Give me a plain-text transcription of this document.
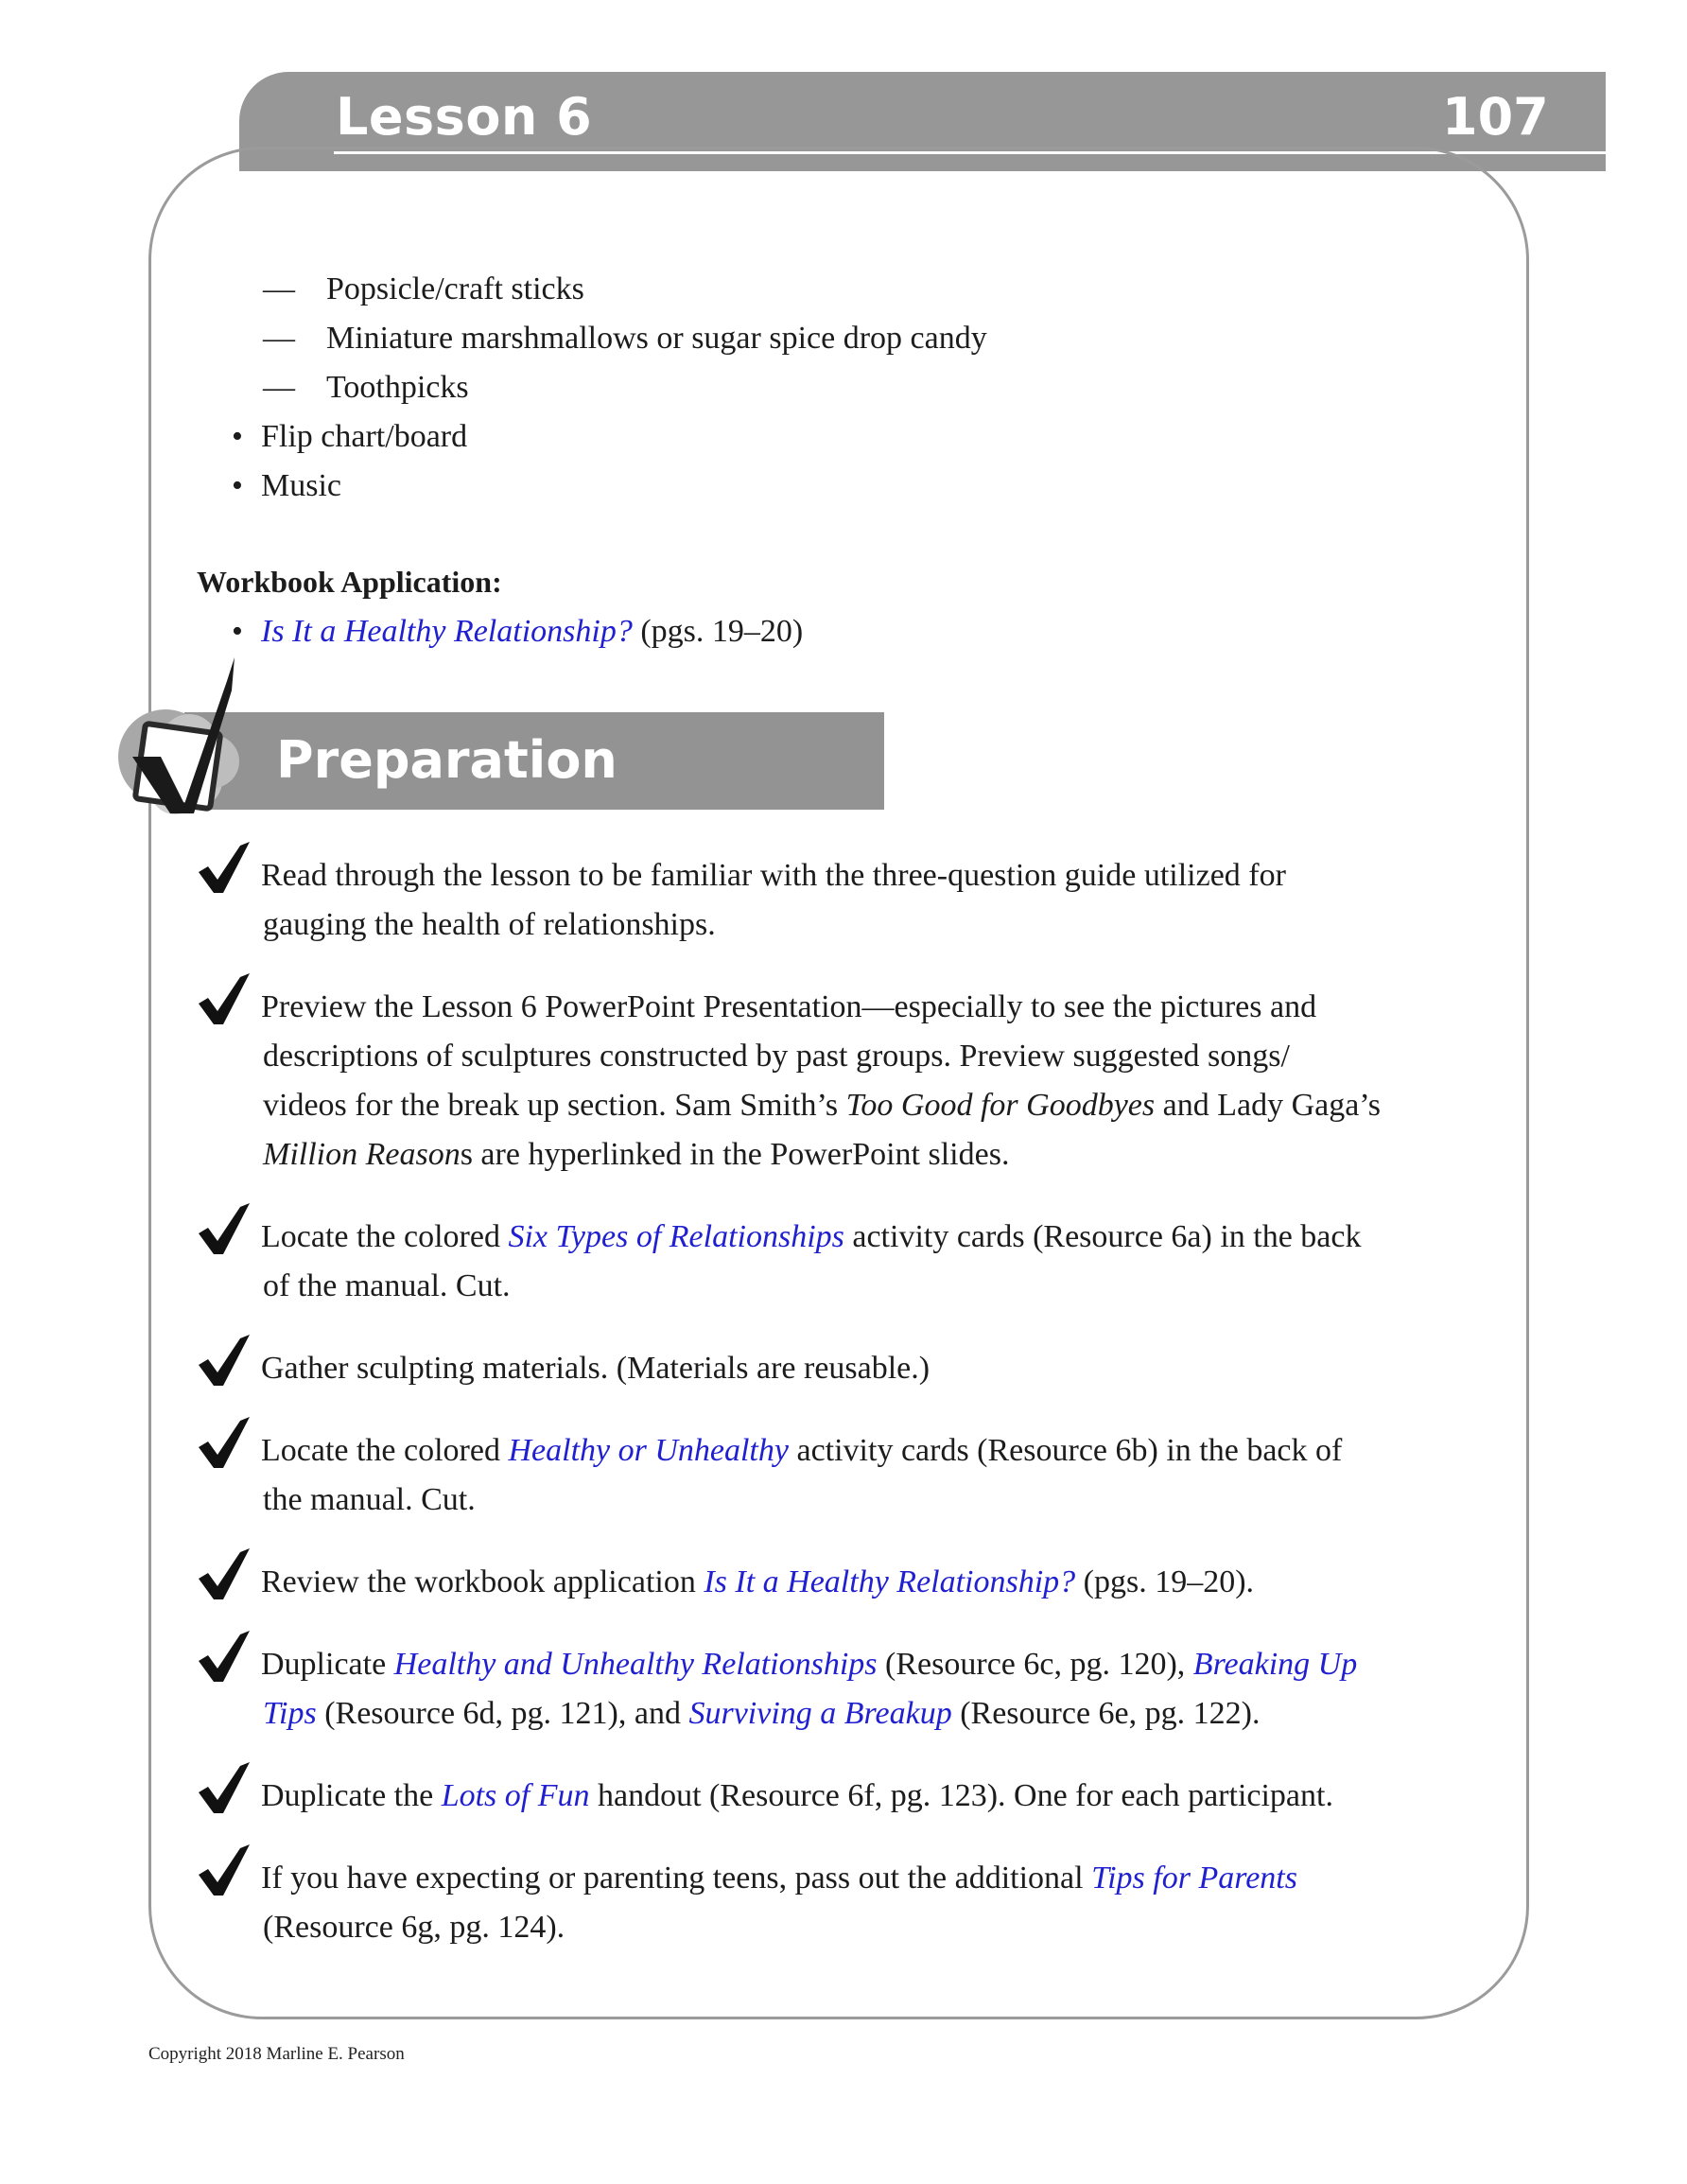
Lesson 6	107
— Popsicle/craft sticks
— Miniature marshmallows or sugar spice drop candy
— Toothpicks
• Flip chart/board
• Music
Workbook Application:
• Is It a Healthy Relationship? (pgs. 19–20)
Preparation
Read through the lesson to be familiar with the three-question guide utilized for
gauging the health of relationships.
Preview the Lesson 6 PowerPoint Presentation—especially to see the pictures and
descriptions of sculptures constructed by past groups. Preview suggested songs/
videos for the break up section. Sam Smith’s Too Good for Goodbyes and Lady Gaga’s
Million Reasons are hyperlinked in the PowerPoint slides.
Locate the colored Six Types of Relationships activity cards (Resource 6a) in the back
of the manual. Cut.
Gather sculpting materials. (Materials are reusable.)
Locate the colored Healthy or Unhealthy activity cards (Resource 6b) in the back of
the manual. Cut.
Review the workbook application Is It a Healthy Relationship? (pgs. 19–20).
Duplicate Healthy and Unhealthy Relationships (Resource 6c, pg. 120), Breaking Up
Tips (Resource 6d, pg. 121), and Surviving a Breakup (Resource 6e, pg. 122).
Duplicate the Lots of Fun handout (Resource 6f, pg. 123). One for each participant.
If you have expecting or parenting teens, pass out the additional Tips for Parents
(Resource 6g, pg. 124).
Copyright 2018 Marline E. Pearson
